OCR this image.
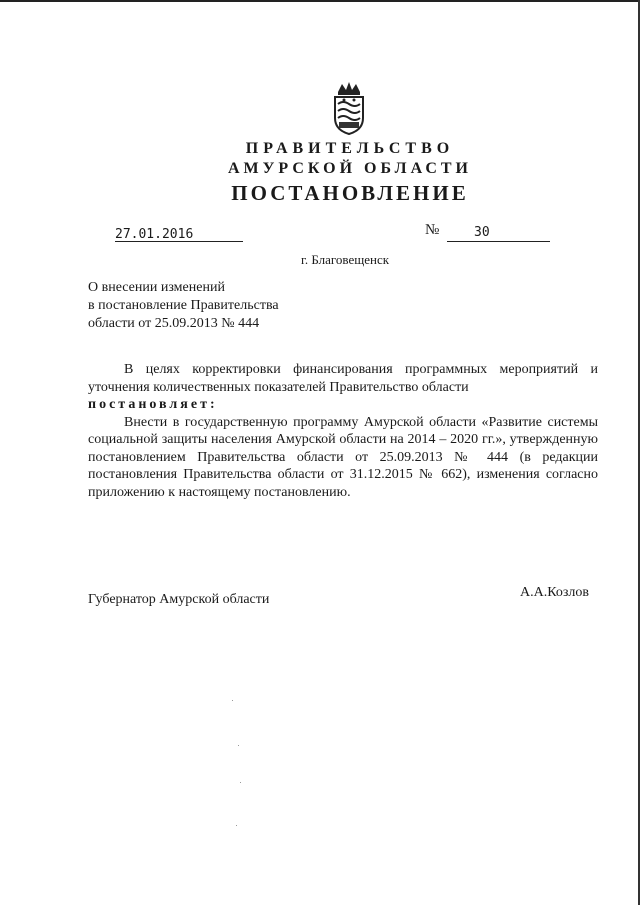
ПРАВИТЕЛЬСТВО
АМУРСКОЙ ОБЛАСТИ
ПОСТАНОВЛЕНИЕ
27.01.2016	№	30
г. Благовещенск
О внесении изменений
в постановление Правительства
области от 25.09.2013 № 444

В целях корректировки финансирования программных мероприятий и уточнения количественных показателей Правительство области

постановляет:

Внести в государственную программу Амурской области «Развитие системы социальной защиты населения Амурской области на 2014 – 2020 гг.», утвержденную постановлением Правительства области от 25.09.2013 № 444 (в редакции постановления Правительства области от 31.12.2015 № 662), изменения согласно приложению к настоящему постановлению.

Губернатор Амурской области	А.А.Козлов
